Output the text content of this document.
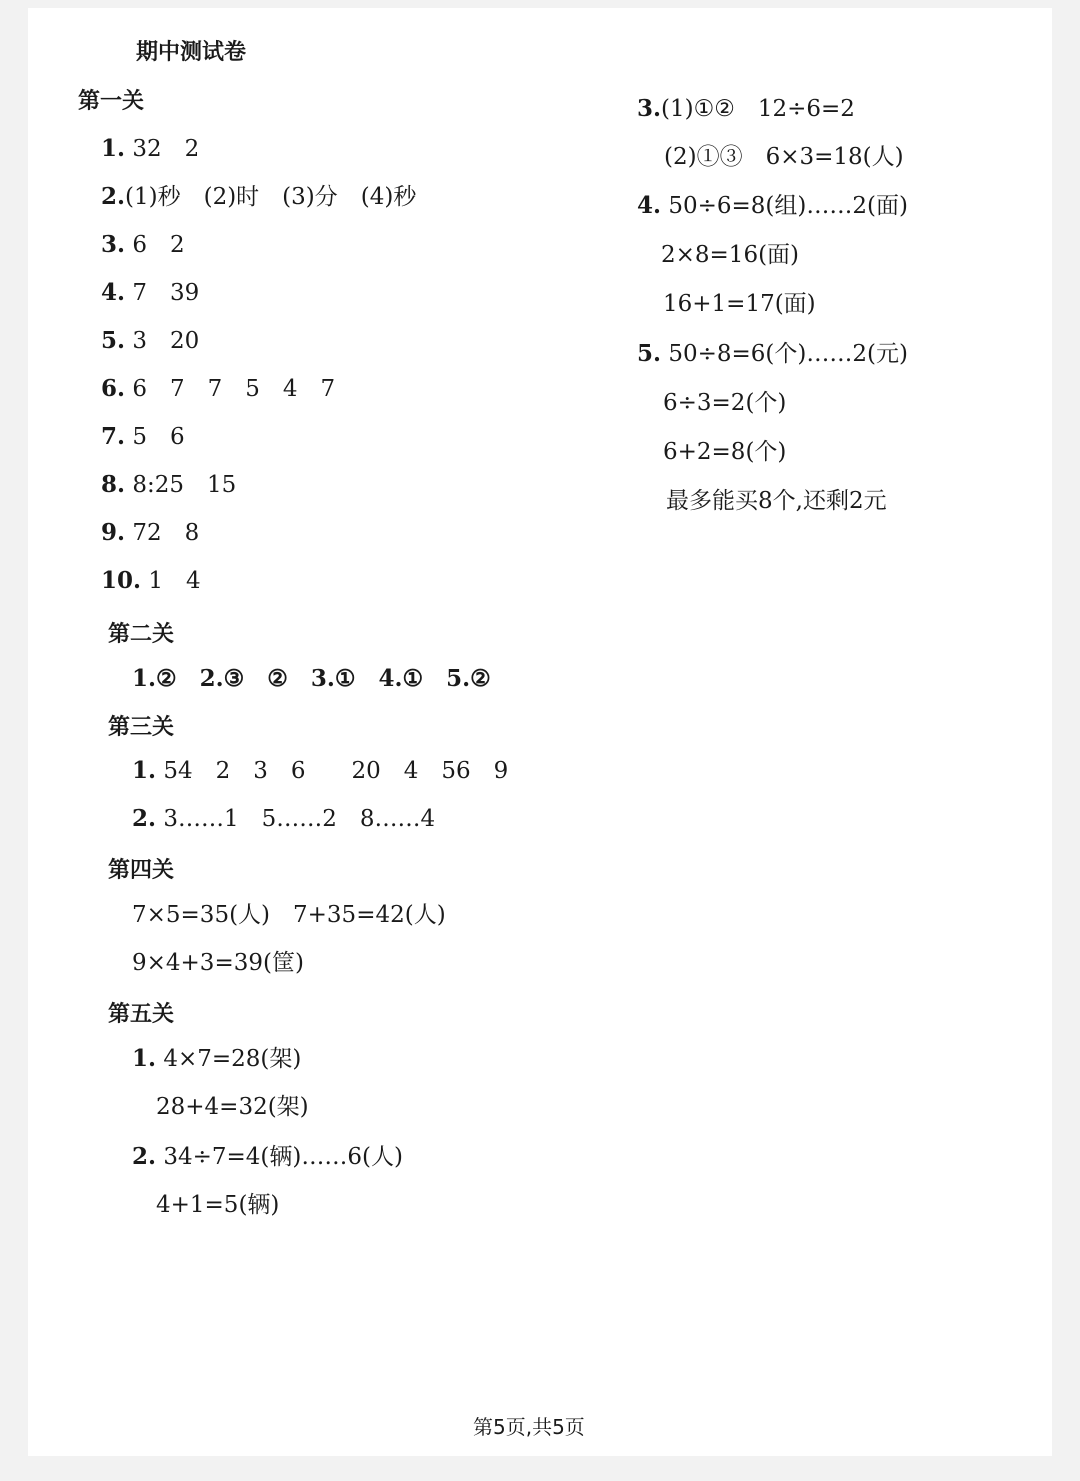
期中测试卷
第一关
1. 32　2
2.(1)秒　(2)时　(3)分　(4)秒
3. 6　2
4. 7　39
5. 3　20
6. 6　7　7　5　4　7
7. 5　6
8. 8:25　15
9. 72　8
10. 1　4
第二关
1.②　2.③　②　3.①　4.①　5.②
第三关
1. 54　2　3　6　　20　4　56　9
2. 3……1　5……2　8……4
第四关
7×5=35(人)　7+35=42(人)
9×4+3=39(筐)
第五关
1. 4×7=28(架)
28+4=32(架)
2. 34÷7=4(辆)……6(人)
4+1=5(辆)
3.(1)①②　12÷6=2
(2)①③　6×3=18(人)
4. 50÷6=8(组)……2(面)
2×8=16(面)
16+1=17(面)
5. 50÷8=6(个)……2(元)
6÷3=2(个)
6+2=8(个)
最多能买8个,还剩2元
第5页,共5页
